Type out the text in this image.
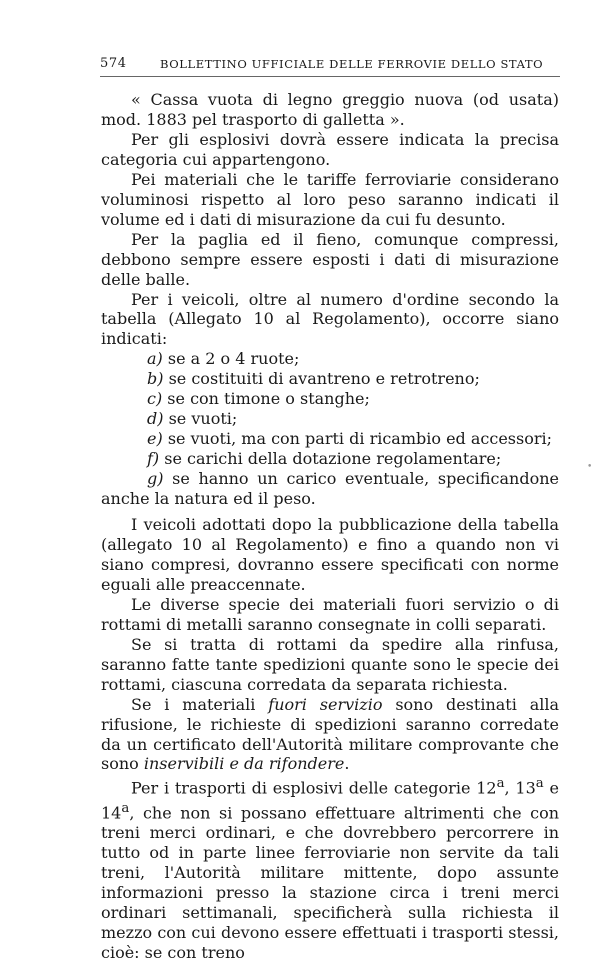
574	BOLLETTINO UFFICIALE DELLE FERROVIE DELLO STATO

« Cassa vuota di legno greggio nuova (od usata) mod. 1883 pel trasporto di galletta ».

Per gli esplosivi dovrà essere indicata la precisa categoria cui appartengono.

Pei materiali che le tariffe ferroviarie considerano voluminosi rispetto al loro peso saranno indicati il volume ed i dati di misurazione da cui fu desunto.

Per la paglia ed il fieno, comunque compressi, debbono sempre essere esposti i dati di misurazione delle balle.

Per i veicoli, oltre al numero d'ordine secondo la tabella (Allegato 10 al Regolamento), occorre siano indicati:

a) se a 2 o 4 ruote;
b) se costituiti di avantreno e retrotreno;
c) se con timone o stanghe;
d) se vuoti;
e) se vuoti, ma con parti di ricambio ed accessori;
f) se carichi della dotazione regolamentare;
g) se hanno un carico eventuale, specificandone anche la natura ed il peso.

I veicoli adottati dopo la pubblicazione della tabella (allegato 10 al Regolamento) e fino a quando non vi siano compresi, dovranno essere specificati con norme eguali alle preaccennate.

Le diverse specie dei materiali fuori servizio o di rottami di metalli saranno consegnate in colli separati.

Se si tratta di rottami da spedire alla rinfusa, saranno fatte tante spedizioni quante sono le specie dei rottami, ciascuna corredata da separata richiesta.

Se i materiali fuori servizio sono destinati alla rifusione, le richieste di spedizioni saranno corredate da un certificato dell'Autorità militare comprovante che sono inservibili e da rifondere.

Per i trasporti di esplosivi delle categorie 12$^a$, 13$^a$ e 14$^a$, che non si possano effettuare altrimenti che con treni merci ordinari, e che dovrebbero percorrere in tutto od in parte linee ferroviarie non servite da tali treni, l'Autorità militare mittente, dopo assunte informazioni presso la stazione circa i treni merci ordinari settimanali, specificherà sulla richiesta il mezzo con cui devono essere effettuati i trasporti stessi, cioè: se con treno

•
